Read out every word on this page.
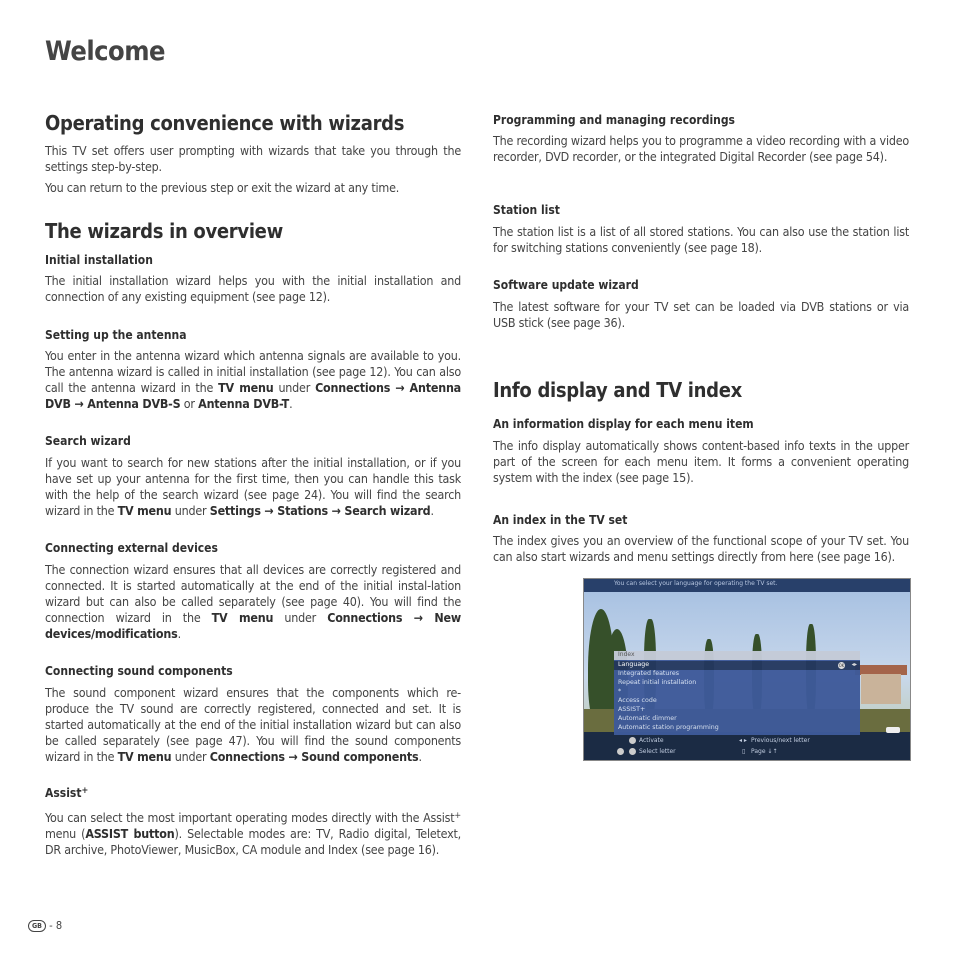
Welcome
Operating convenience with wizards
This TV set offers user prompting with wizards that take you through the settings step-by-step.
You can return to the previous step or exit the wizard at any time.
The wizards in overview
Initial installation
The initial installation wizard helps you with the initial installation and connection of any existing equipment (see page 12).
Setting up the antenna
You enter in the antenna wizard which antenna signals are available to you. The antenna wizard is called in initial installation (see page 12). You can also call the antenna wizard in the TV menu under Connections → Antenna DVB → Antenna DVB-S or Antenna DVB-T.
Search wizard
If you want to search for new stations after the initial installation, or if you have set up your antenna for the first time, then you can handle this task with the help of the search wizard (see page 24). You will find the search wizard in the TV menu under Settings → Stations → Search wizard.
Connecting external devices
The connection wizard ensures that all devices are correctly registered and connected. It is started automatically at the end of the initial instal-lation wizard but can also be called separately (see page 40). You will find the connection wizard in the TV menu under Connections → New devices/modifications.
Connecting sound components
The sound component wizard ensures that the components which re-produce the TV sound are correctly registered, connected and set. It is started automatically at the end of the initial installation wizard but can also be called separately (see page 47). You will find the sound components wizard in the TV menu under Connections → Sound components.
Assist+
You can select the most important operating modes directly with the Assist+ menu (ASSIST button). Selectable modes are: TV, Radio digital, Teletext, DR archive, PhotoViewer, MusicBox, CA module and Index (see page 16).
Programming and managing recordings
The recording wizard helps you to programme a video recording with a video recorder, DVD recorder, or the integrated Digital Recorder (see page 54).
Station list
The station list is a list of all stored stations. You can also use the station list for switching stations conveniently (see page 18).
Software update wizard
The latest software for your TV set can be loaded via DVB stations or via USB stick (see page 36).
Info display and TV index
An information display for each menu item
The info display automatically shows content-based info texts in the upper part of the screen for each menu item. It forms a convenient operating system with the index (see page 15).
An index in the TV set
The index gives you an overview of the functional scope of your TV set. You can also start wizards and menu settings directly from here (see page 16).
You can select your language for operating the TV set.
Index
Language	OK ◂▸
Integrated features
Repeat initial installation
*
Access code
ASSIST+
Automatic dimmer
Automatic station programming
Activate	◂ ▸ Previous/next letter
Select letter	▯ Page ↓↑
GB - 8
